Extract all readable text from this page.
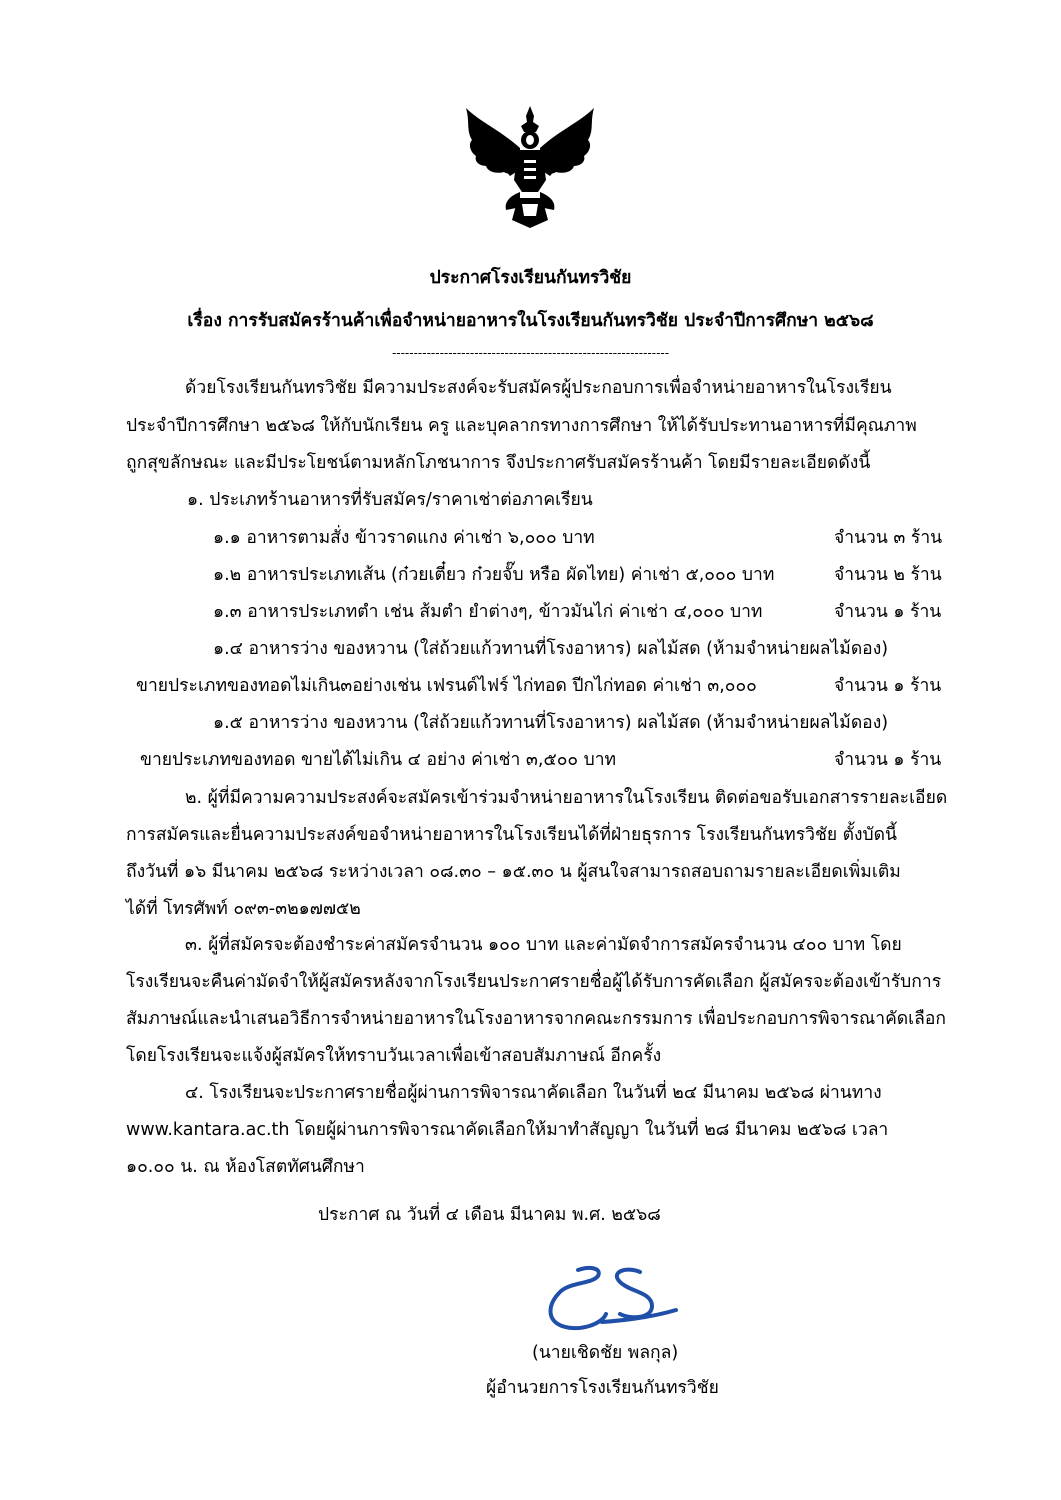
ประกาศโรงเรียนกันทรวิชัย
เรื่อง การรับสมัครร้านค้าเพื่อจำหน่ายอาหารในโรงเรียนกันทรวิชัย ประจำปีการศึกษา ๒๕๖๘
----------------------------------------------------------------
ด้วยโรงเรียนกันทรวิชัย มีความประสงค์จะรับสมัครผู้ประกอบการเพื่อจำหน่ายอาหารในโรงเรียน
ประจำปีการศึกษา ๒๕๖๘ ให้กับนักเรียน ครู และบุคลากรทางการศึกษา ให้ได้รับประทานอาหารที่มีคุณภาพ
ถูกสุขลักษณะ และมีประโยชน์ตามหลักโภชนาการ จึงประกาศรับสมัครร้านค้า โดยมีรายละเอียดดังนี้
๑. ประเภทร้านอาหารที่รับสมัคร/ราคาเช่าต่อภาคเรียน
๑.๑ อาหารตามสั่ง ข้าวราดแกง ค่าเช่า ๖,๐๐๐ บาท	จำนวน ๓ ร้าน
๑.๒ อาหารประเภทเส้น (ก๋วยเตี๋ยว ก๋วยจั๊บ หรือ ผัดไทย) ค่าเช่า ๕,๐๐๐ บาท	จำนวน ๒ ร้าน
๑.๓ อาหารประเภทตำ เช่น ส้มตำ ยำต่างๆ, ข้าวมันไก่ ค่าเช่า ๔,๐๐๐ บาท	จำนวน ๑ ร้าน
๑.๔ อาหารว่าง ของหวาน (ใส่ถ้วยแก้วทานที่โรงอาหาร) ผลไม้สด (ห้ามจำหน่ายผลไม้ดอง)
ขายประเภทของทอดไม่เกิน๓อย่างเช่น เฟรนด์ไฟร์ ไก่ทอด ปีกไก่ทอด ค่าเช่า ๓,๐๐๐	จำนวน ๑ ร้าน
๑.๕ อาหารว่าง ของหวาน (ใส่ถ้วยแก้วทานที่โรงอาหาร) ผลไม้สด (ห้ามจำหน่ายผลไม้ดอง)
ขายประเภทของทอด ขายได้ไม่เกิน ๔ อย่าง ค่าเช่า ๓,๕๐๐ บาท	จำนวน ๑ ร้าน
๒. ผู้ที่มีความความประสงค์จะสมัครเข้าร่วมจำหน่ายอาหารในโรงเรียน ติดต่อขอรับเอกสารรายละเอียด
การสมัครและยื่นความประสงค์ขอจำหน่ายอาหารในโรงเรียนได้ที่ฝ่ายธุรการ โรงเรียนกันทรวิชัย ตั้งบัดนี้
ถึงวันที่ ๑๖ มีนาคม ๒๕๖๘ ระหว่างเวลา ๐๘.๓๐ – ๑๕.๓๐ น ผู้สนใจสามารถสอบถามรายละเอียดเพิ่มเติม
ได้ที่ โทรศัพท์ ๐๙๓-๓๒๑๗๗๕๒
๓. ผู้ที่สมัครจะต้องชำระค่าสมัครจำนวน ๑๐๐ บาท และค่ามัดจำการสมัครจำนวน ๔๐๐ บาท โดย
โรงเรียนจะคืนค่ามัดจำให้ผู้สมัครหลังจากโรงเรียนประกาศรายชื่อผู้ได้รับการคัดเลือก ผู้สมัครจะต้องเข้ารับการ
สัมภาษณ์และนำเสนอวิธีการจำหน่ายอาหารในโรงอาหารจากคณะกรรมการ เพื่อประกอบการพิจารณาคัดเลือก
โดยโรงเรียนจะแจ้งผู้สมัครให้ทราบวันเวลาเพื่อเข้าสอบสัมภาษณ์ อีกครั้ง
๔. โรงเรียนจะประกาศรายชื่อผู้ผ่านการพิจารณาคัดเลือก ในวันที่ ๒๔ มีนาคม ๒๕๖๘ ผ่านทาง
www.kantara.ac.th โดยผู้ผ่านการพิจารณาคัดเลือกให้มาทำสัญญา ในวันที่ ๒๘ มีนาคม ๒๕๖๘ เวลา
๑๐.๐๐ น. ณ ห้องโสตทัศนศึกษา
ประกาศ ณ วันที่ ๔ เดือน มีนาคม พ.ศ. ๒๕๖๘
(นายเชิดชัย พลกุล)
ผู้อำนวยการโรงเรียนกันทรวิชัย
